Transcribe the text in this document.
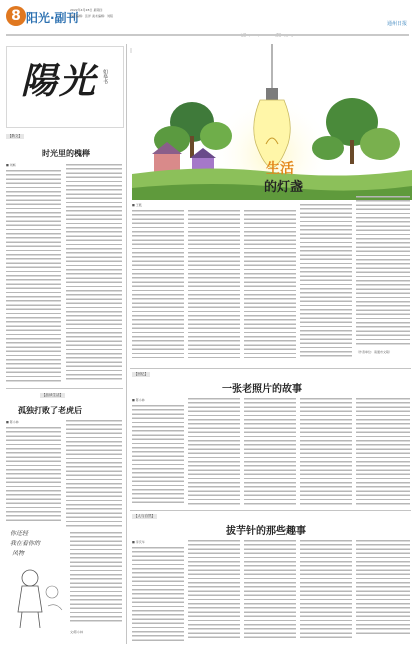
8 阳光·副刊
2022年4月28日 星期四
责任编辑：张洋 美术编辑：刘程
通州日报
陽光 如皋书
【散文】
时光里的槐榉
■ 刘畅
【品读生活】
孤独打败了老虎后
■ 陈小林
你还轻
我在看你的
风物
文/陈小林
生活
的灯盏
■ 王筱
（作者单位：南通市文联）
【回忆】
一张老照片的故事
■ 陈小林
【人与自然】
拔芋针的那些趣事
■ 李庆华
